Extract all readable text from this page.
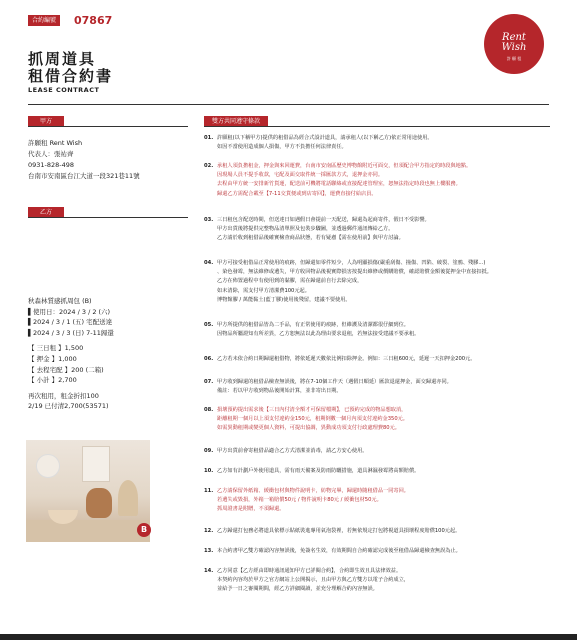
合約編號	07867
抓周道具
租借合約書
LEASE CONTRACT
Rent
Wish
許 願 租
甲方
許願租 Rent Wish
代表人：張祐齊
0931-828-498
台南市安南區台江大道一段321巷11號
乙方
秋森林質感抓周包 (B)
▌使用日：2024 / 3 / 2 (六)
▌2024 / 3 / 1 (五) 宅配送達
▌2024 / 3 / 3 (日) 7-11歸還
【 三日租 】1,500
【 押金 】1,000
【 去程宅配 】200 (二箱)
【 小計 】2,700
再次租用，租金折扣100
2/19 已付清2,700(53571)
B
雙方共同遵守條款
01. 許願租(以下稱甲方)提供的租借品為經合式設計道具，請承租人(以下稱乙方)依正常用途使用。
如因不當使用造成個人損傷，甲方不負擔任何法律責任。
02. 承租人須負擔租金，押金與來回運費，台南市安南區歷史博物館附近可面交，但須配合甲方指定的時段與地點。
因現場人員不提手收款，宅配及面交取件統一採匯款方式，退押金亦同。
去程由甲方統一安排新竹貨運，配送前可機將電話聯絡或直接配達管理室，恕無法指定時段也無上樓服務。
歸還乙方需配合載至【7-11交貨便或到店寄回】，運費直接付給店員。
03. 三日租包含配送時間，但送達日如遇假日會提前一天配送，歸還為起商寄件，假日不受影響。
甲方出貨後將提供完整物品清單照及包裝步驟圖，並透過郵件通訊傳給乙方。
乙方請於收到租借品後確實檢查商品狀態，若有疑慮【需在使用前】與甲方討論。
04. 甲方可接受租借品正常使用的痕跡，但歸還如零件短少，人為明顯損傷(嚴重刮傷、撞傷、凹陷、破裂、塗鴉、殘膠...)
、染色發霉，無法維修或遺失，甲方收回物品後視實際損害按提出維修或價購賠償，確認賠償金額後從押金中直接扣抵。
乙方在佈置過程中有使用到的黏膠，需在歸還前自行去除完成，
如未清除，需支付甲方清潔費100元起。
博物館膠 / 萬能黏土(藍丁膠)使用後殘留，建議不要使用。
05. 甲方所提供的租借品皆為二手品，有正常使用的痕跡，但維護及清潔都很仔細到位。
因物品所屬證知有所差異，乙方恕無法以此為理由要求退租，若無法接受建議不要承租。
06. 乙方若未依合約日期歸還租借物，將依延遲天數依比例扣除押金。例如：三日租600元，延遲一天扣押金200元。
07. 甲方收到歸還的租借品檢查無誤後，將在7-10個工作天（遇假日順延）匯款退還押金，面交歸還亦同。
備註：若以甲方收到物品後開始計算，並非寄出日期。
08. 損壞預約提出需求後【三日內付清全額才可保留檔期】，已預約完成的物品想取消，
距離租期一個月以上須支付違約金150元，租期倒數一個月內須支付違約金350元。
如需異動租期或變更個人資料，可提出協調，異動成功須支付行政處理費80元。
09. 甲方出貨前會寄租借品適合乙方式清潔並消毒，請乙方安心使用。
10. 乙方如有計劃戶外使用道具，需有雨天備案及防雨防曬措施，道具淋濕發霉將高額賠償。
11. 乙方請保留外紙箱、緩衝包材與物件說明卡，紡物完畢，歸還時隨租借品一同寄回。
若遺失或毀損，外箱一箱賠償50元 / 物件說明卡80元 / 緩衝包材50元。
抓周證書是附贈，不須歸還。
12. 乙方歸還打包務必將道具依標示貼紙裝進專用氣泡袋裡，若無依規定打包將視道具損壞程度賠償100元起。
13. 本合約書甲乙雙方確認內容無誤後，免簽名生效，有效期間自合約確認完成後至租借品歸還檢查無誤為止。
14. 乙方同意【乙方經由即時通訊通知甲方已詳閱合約】，合約即生效且具法律效益。
本契約內容均於甲方之官方網站上公開揭示，且由甲方與乙方雙方以電子合約成立，
並給予一日之審閱期間，經乙方詳細閱讀，並充分理解合約內容無誤。
